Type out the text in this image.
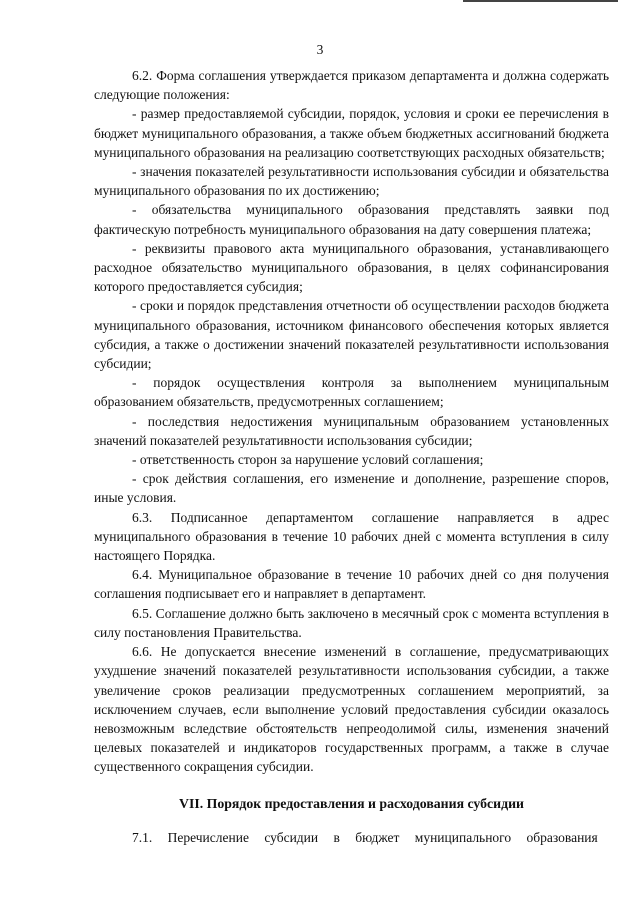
3

6.2. Форма соглашения утверждается приказом департамента и должна содержать следующие положения:

- размер предоставляемой субсидии, порядок, условия и сроки ее перечисления в бюджет муниципального образования, а также объем бюджетных ассигнований бюджета муниципального образования на реализацию соответствующих расходных обязательств;

- значения показателей результативности использования субсидии и обязательства муниципального образования по их достижению;

- обязательства муниципального образования представлять заявки под фактическую потребность муниципального образования на дату совершения платежа;

- реквизиты правового акта муниципального образования, устанавливающего расходное обязательство муниципального образования, в целях софинансирования которого предоставляется субсидия;

- сроки и порядок представления отчетности об осуществлении расходов бюджета муниципального образования, источником финансового обеспечения которых является субсидия, а также о достижении значений показателей результативности использования субсидии;

- порядок осуществления контроля за выполнением муниципальным образованием обязательств, предусмотренных соглашением;

- последствия недостижения муниципальным образованием установленных значений показателей результативности использования субсидии;

- ответственность сторон за нарушение условий соглашения;

- срок действия соглашения, его изменение и дополнение, разрешение споров, иные условия.

6.3. Подписанное департаментом соглашение направляется в адрес муниципального образования в течение 10 рабочих дней с момента вступления в силу настоящего Порядка.

6.4. Муниципальное образование в течение 10 рабочих дней со дня получения соглашения подписывает его и направляет в департамент.

6.5. Соглашение должно быть заключено в месячный срок с момента вступления в силу постановления Правительства.

6.6. Не допускается внесение изменений в соглашение, предусматривающих ухудшение значений показателей результативности использования субсидии, а также увеличение сроков реализации предусмотренных соглашением мероприятий, за исключением случаев, если выполнение условий предоставления субсидии оказалось невозможным вследствие обстоятельств непреодолимой силы, изменения значений целевых показателей и индикаторов государственных программ, а также в случае существенного сокращения субсидии.

VII. Порядок предоставления и расходования субсидии

7.1. Перечисление субсидии в бюджет муниципального образования
